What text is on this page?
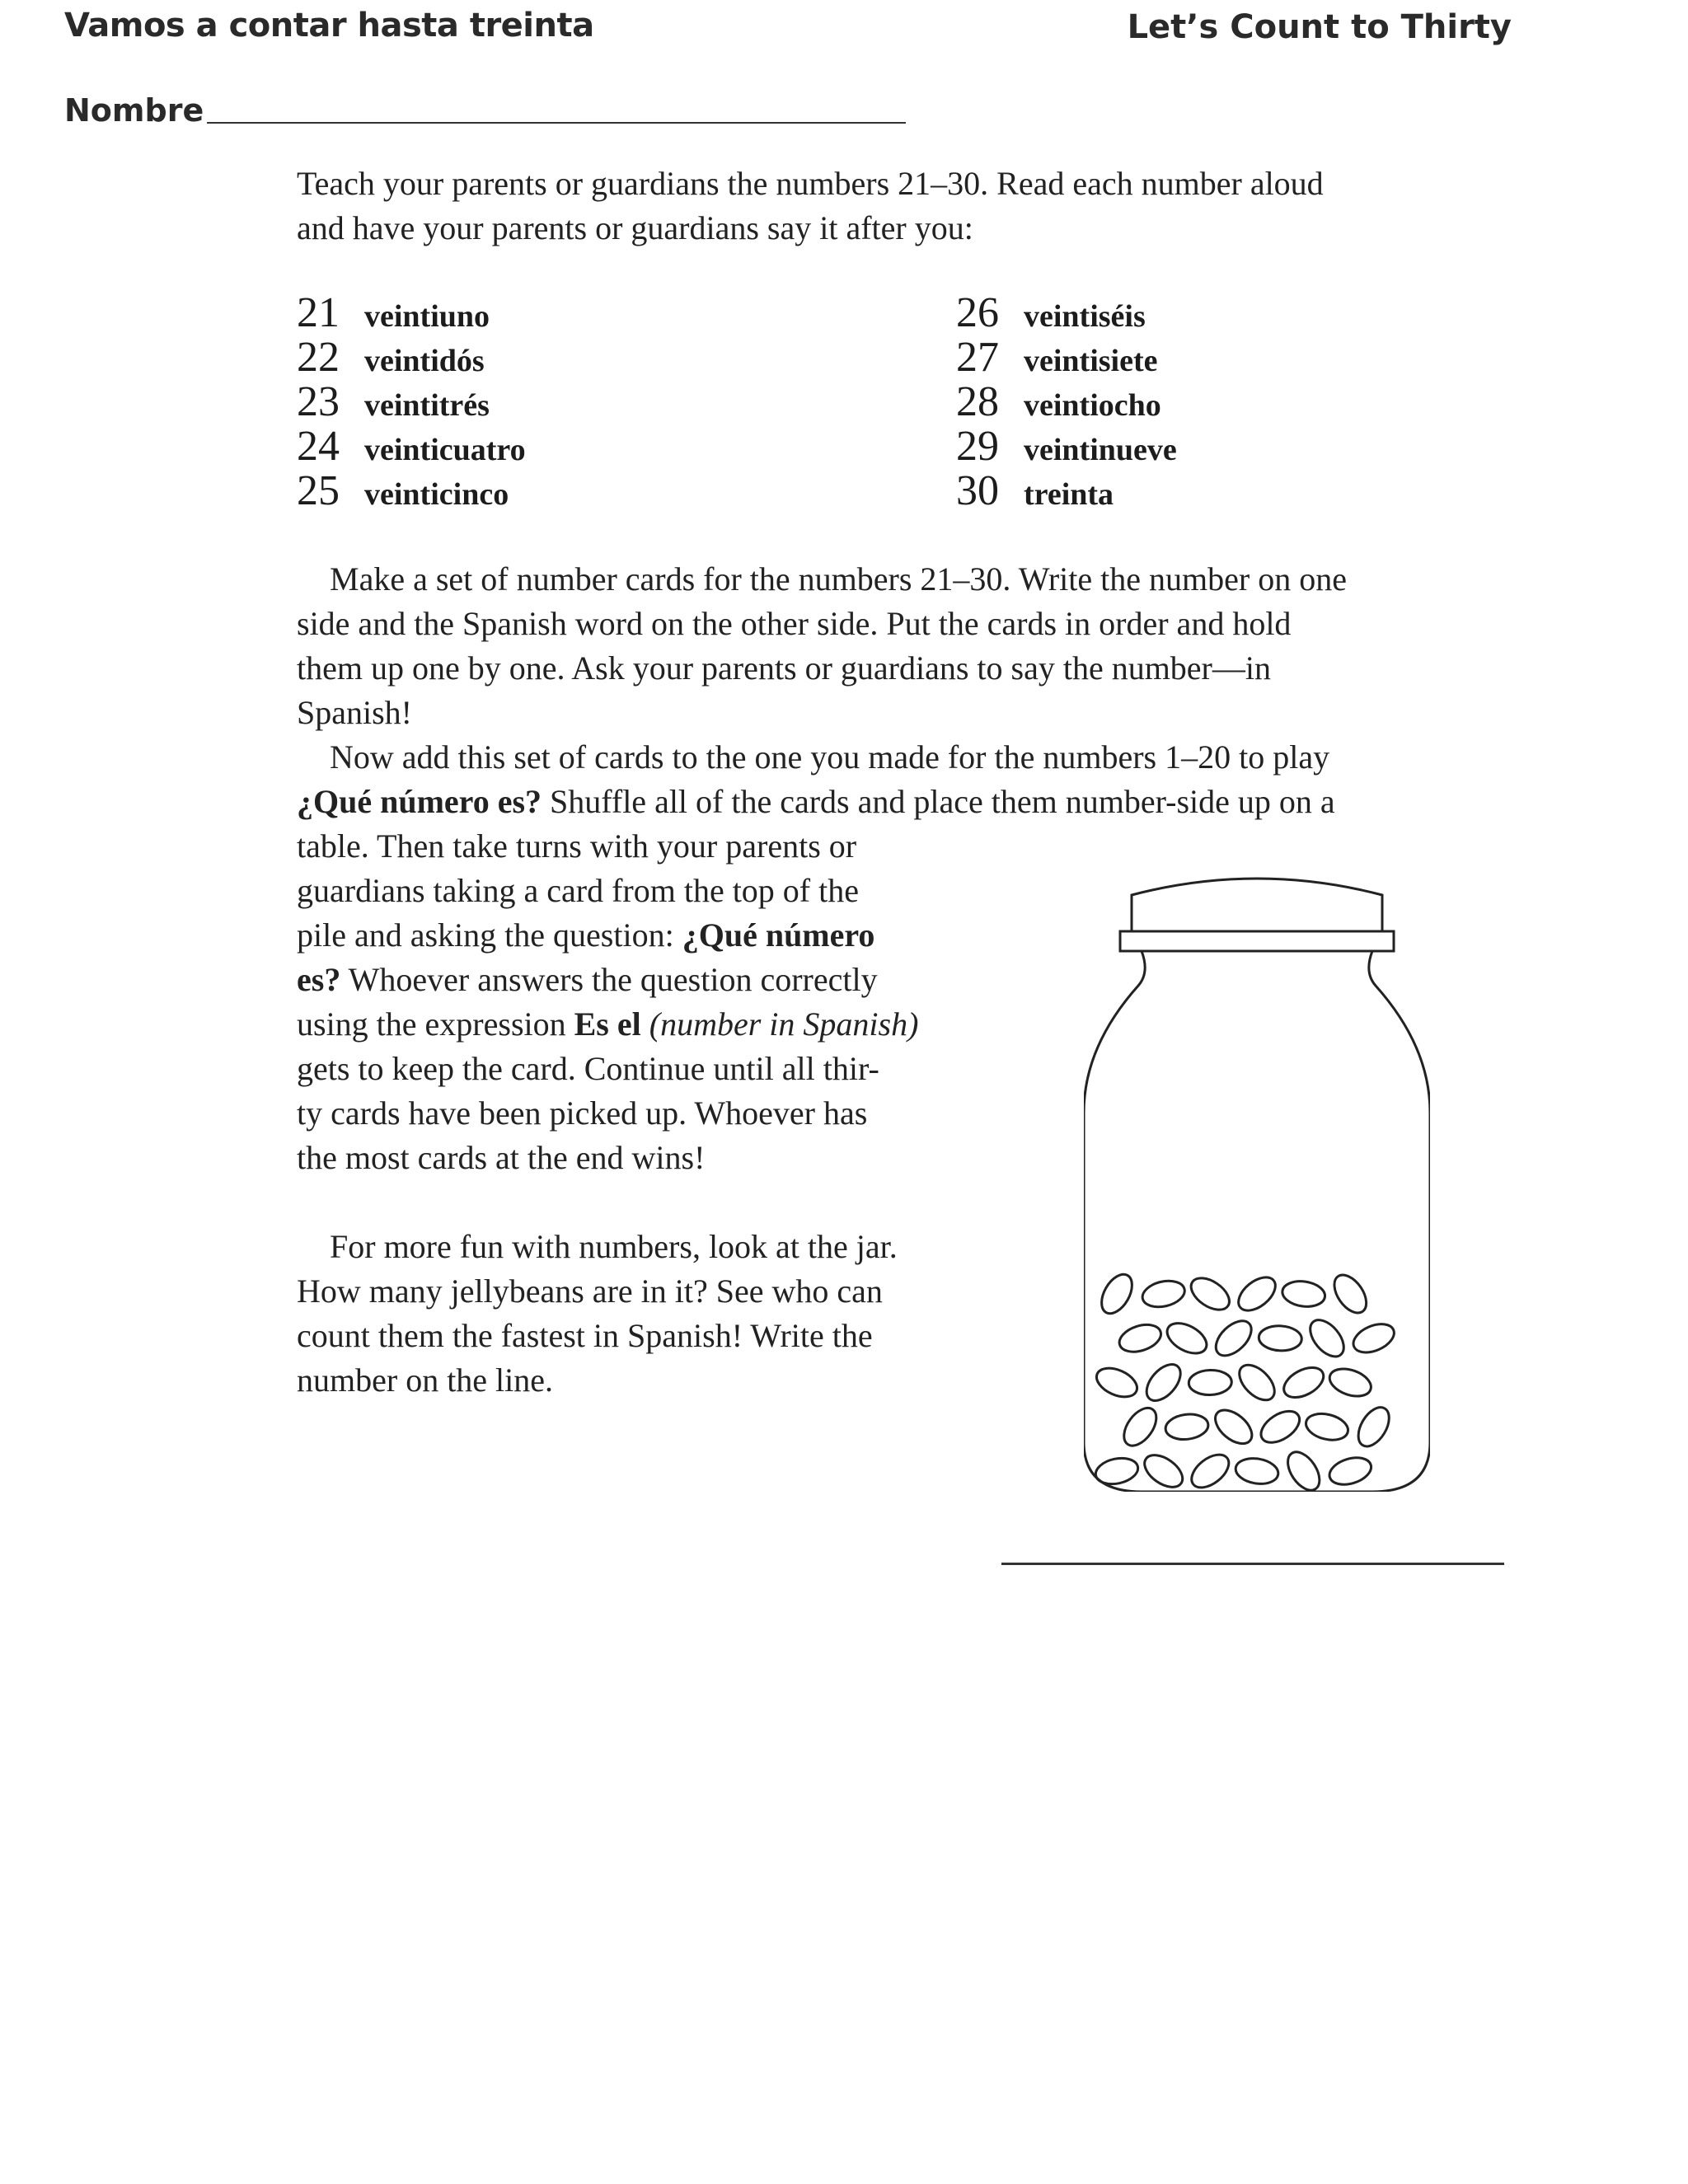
Vamos a contar hasta treinta	Let’s Count to Thirty
Nombre

Teach your parents or guardians the numbers 21–30. Read each number aloud
and have your parents or guardians say it after you:

21 veintiuno
22 veintidós
23 veintitrés
24 veinticuatro
25 veinticinco
26 veintiséis
27 veintisiete
28 veintiocho
29 veintinueve
30 treinta

Make a set of number cards for the numbers 21–30. Write the number on one
side and the Spanish word on the other side. Put the cards in order and hold
them up one by one. Ask your parents or guardians to say the number—in
Spanish!

Now add this set of cards to the one you made for the numbers 1–20 to play
¿Qué número es? Shuffle all of the cards and place them number-side up on a

table. Then take turns with your parents or
guardians taking a card from the top of the
pile and asking the question: ¿Qué número
es? Whoever answers the question correctly
using the expression Es el (number in Spanish)
gets to keep the card. Continue until all thir-
ty cards have been picked up. Whoever has
the most cards at the end wins!

For more fun with numbers, look at the jar.
How many jellybeans are in it? See who can
count them the fastest in Spanish! Write the
number on the line.
